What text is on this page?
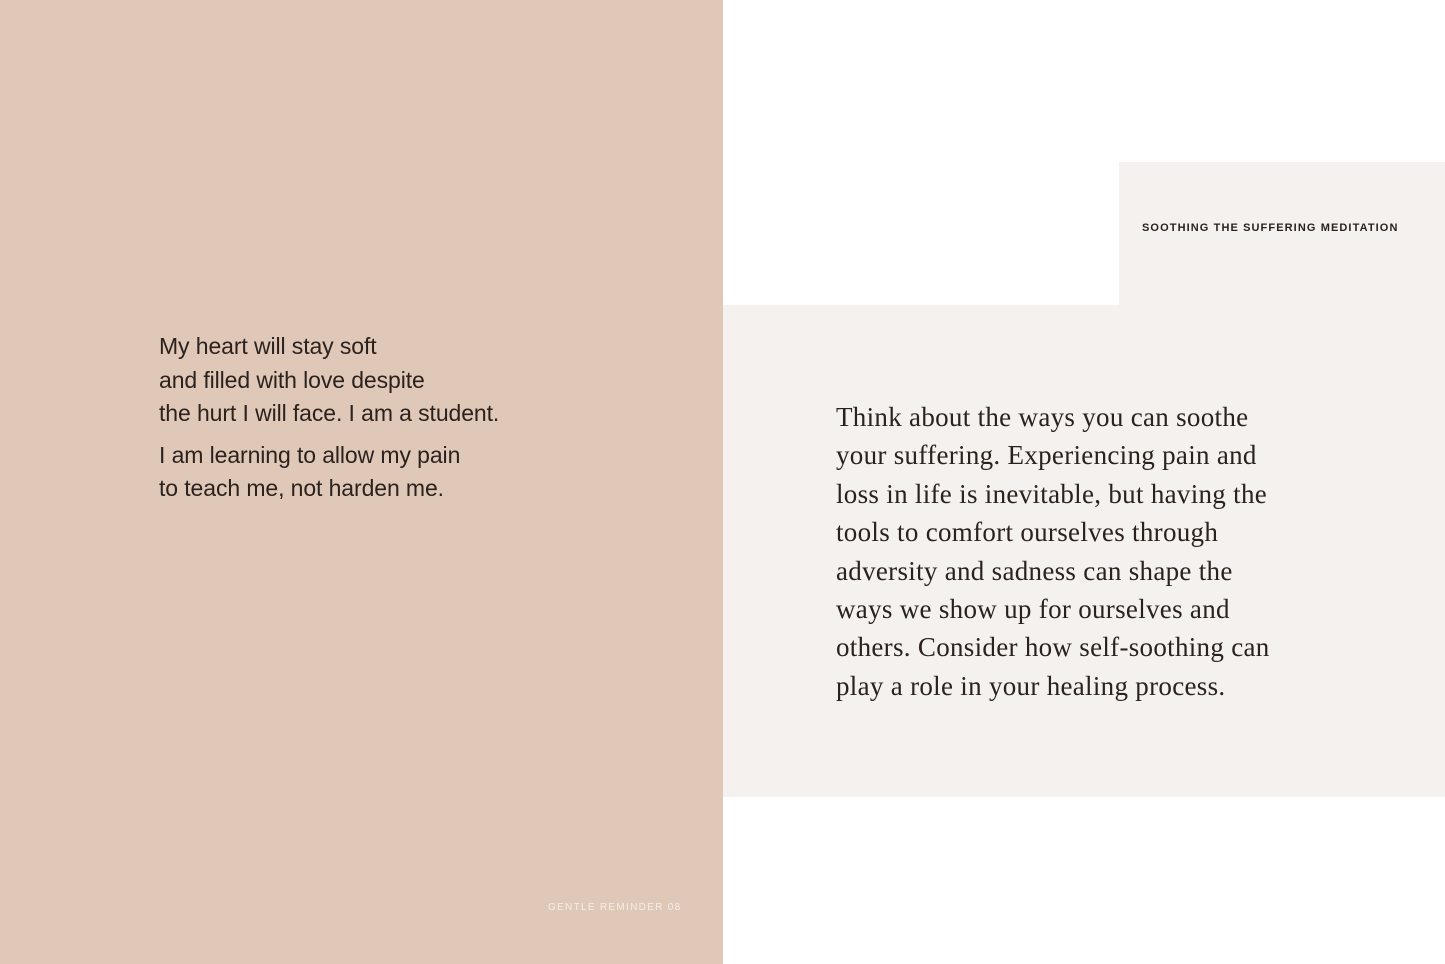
My heart will stay soft
and filled with love despite
the hurt I will face. I am a student.

I am learning to allow my pain
to teach me, not harden me.

GENTLE REMINDER 08
SOOTHING THE SUFFERING MEDITATION
Think about the ways you can soothe
your suffering. Experiencing pain and
loss in life is inevitable, but having the
tools to comfort ourselves through
adversity and sadness can shape the
ways we show up for ourselves and
others. Consider how self-soothing can
play a role in your healing process.
